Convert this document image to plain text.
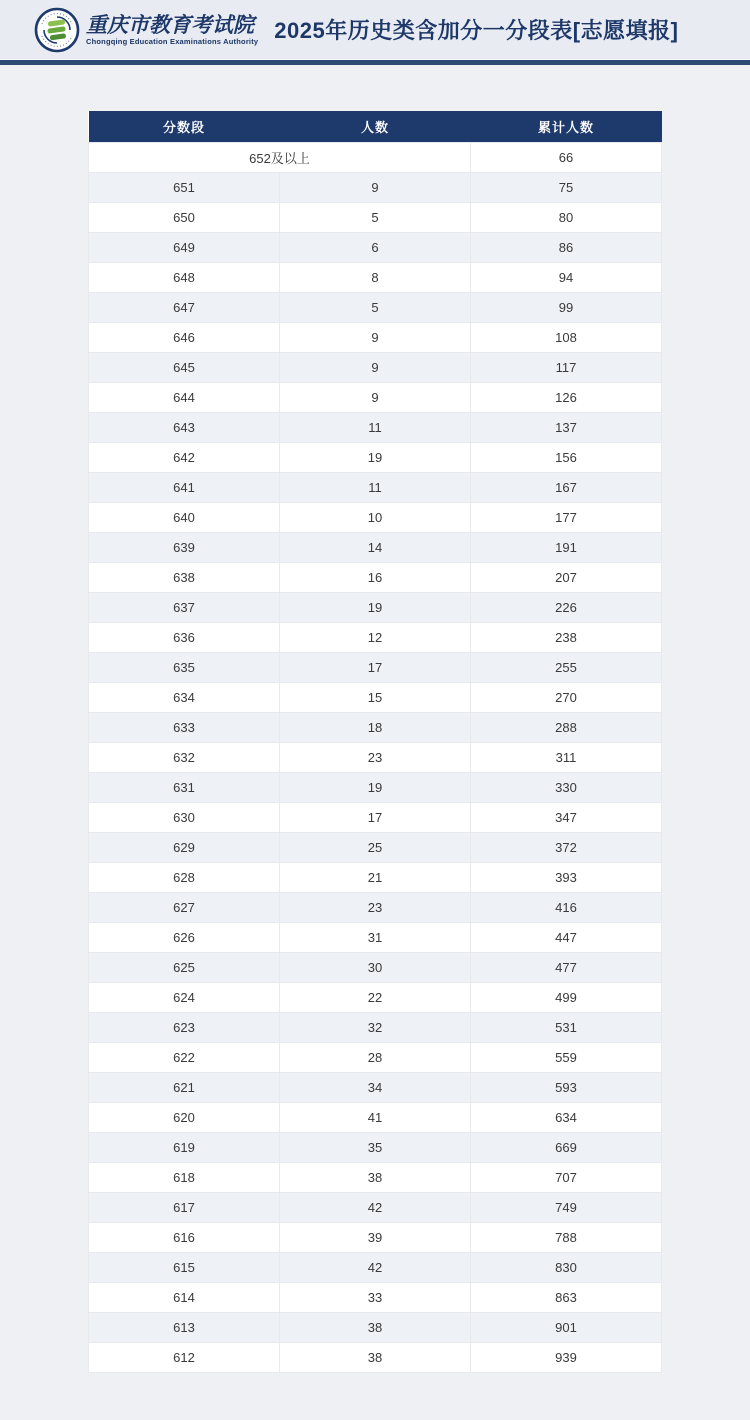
重庆市教育考试院
Chongqing Education Examinations Authority 2025年历史类含加分一分段表[志愿填报]
分数段	人数	累计人数
652及以上		66
651	9	75
650	5	80
649	6	86
648	8	94
647	5	99
646	9	108
645	9	117
644	9	126
643	11	137
642	19	156
641	11	167
640	10	177
639	14	191
638	16	207
637	19	226
636	12	238
635	17	255
634	15	270
633	18	288
632	23	311
631	19	330
630	17	347
629	25	372
628	21	393
627	23	416
626	31	447
625	30	477
624	22	499
623	32	531
622	28	559
621	34	593
620	41	634
619	35	669
618	38	707
617	42	749
616	39	788
615	42	830
614	33	863
613	38	901
612	38	939
